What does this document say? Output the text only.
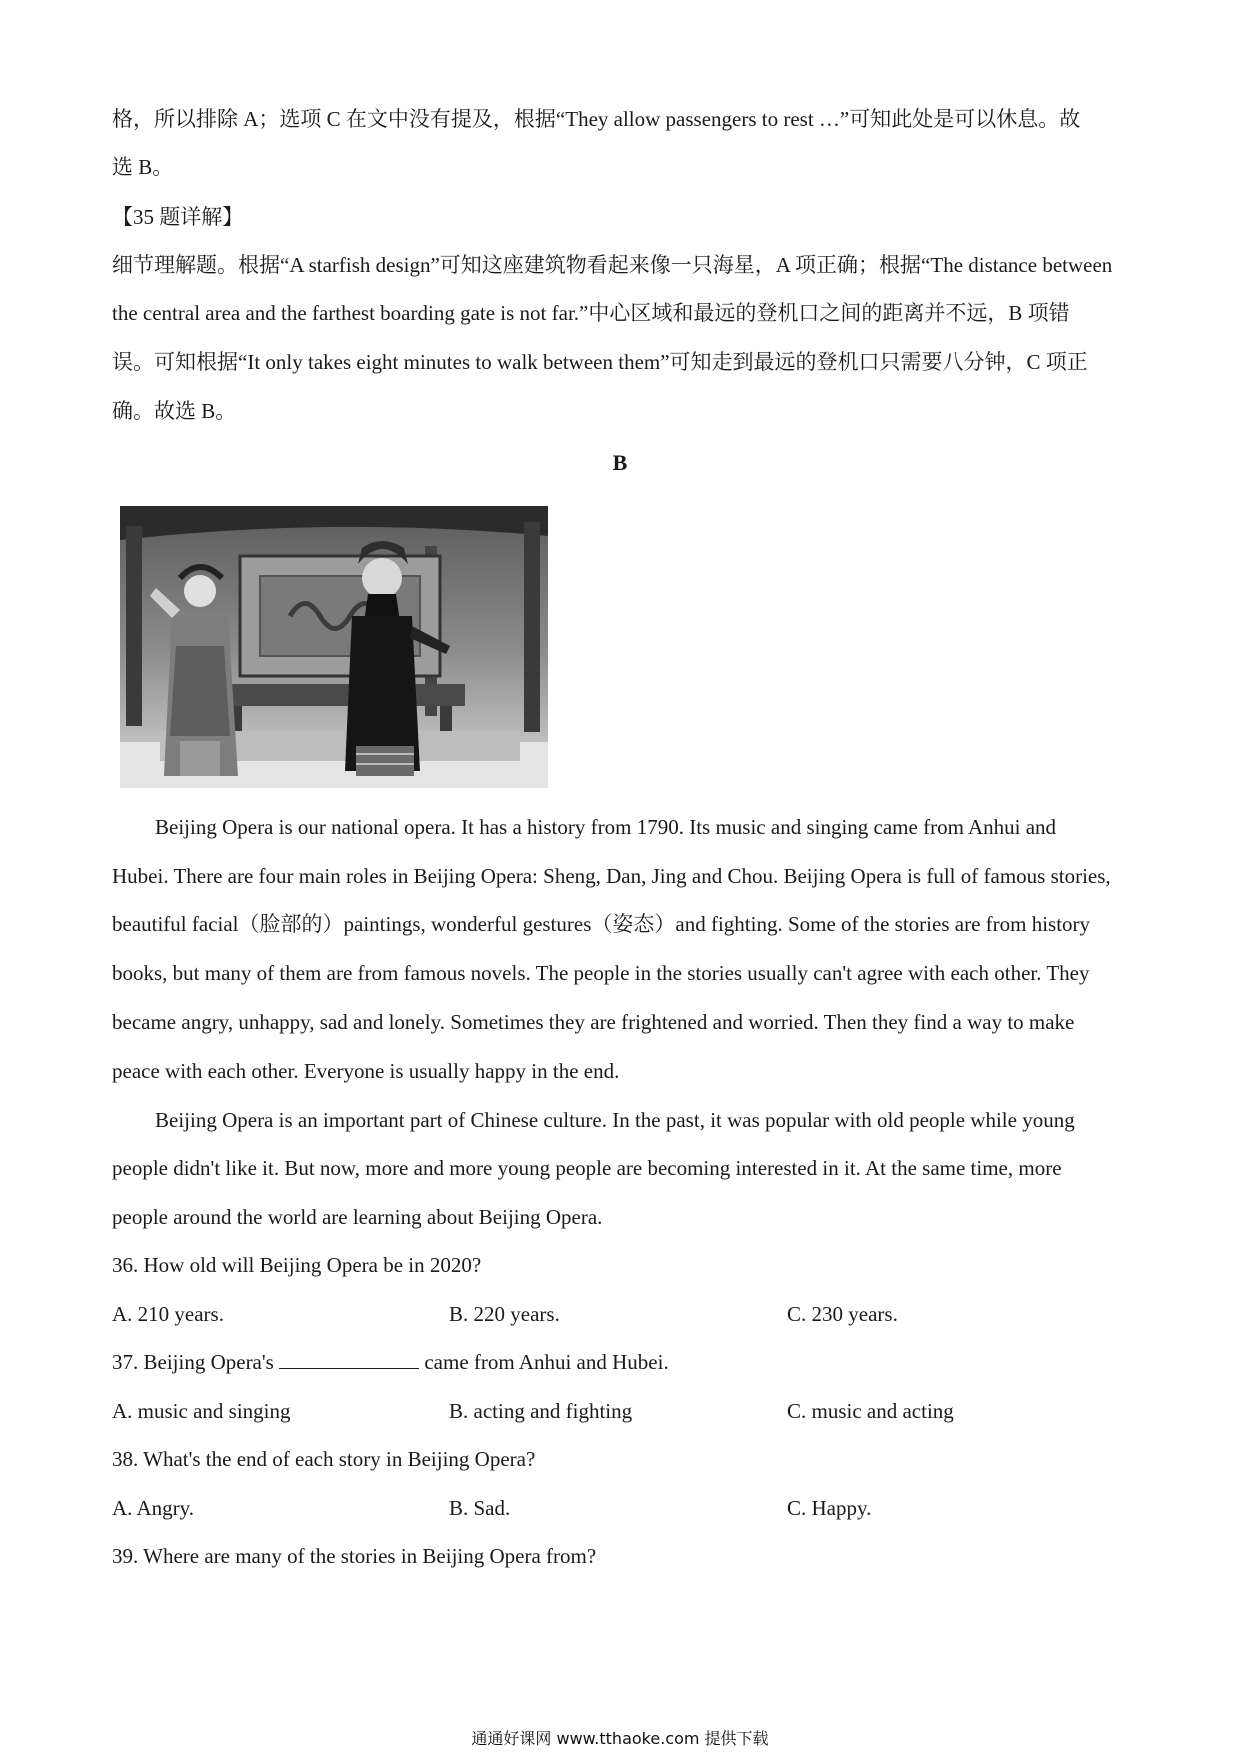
格，所以排除 A；选项 C 在文中没有提及，根据“They allow passengers to rest …”可知此处是可以休息。故
选 B。
【35 题详解】
细节理解题。根据“A starfish design”可知这座建筑物看起来像一只海星，A 项正确；根据“The distance between
the central area and the farthest boarding gate is not far.”中心区域和最远的登机口之间的距离并不远，B 项错
误。可知根据“It only takes eight minutes to walk between them”可知走到最远的登机口只需要八分钟，C 项正
确。故选 B。
B
Beijing Opera is our national opera. It has a history from 1790. Its music and singing came from Anhui and
Hubei. There are four main roles in Beijing Opera: Sheng, Dan, Jing and Chou. Beijing Opera is full of famous stories,
beautiful facial（脸部的）paintings, wonderful gestures（姿态）and fighting. Some of the stories are from history
books, but many of them are from famous novels. The people in the stories usually can't agree with each other. They
became angry, unhappy, sad and lonely. Sometimes they are frightened and worried. Then they find a way to make
peace with each other. Everyone is usually happy in the end.
Beijing Opera is an important part of Chinese culture. In the past, it was popular with old people while young
people didn't like it. But now, more and more young people are becoming interested in it. At the same time, more
people around the world are learning about Beijing Opera.
36. How old will Beijing Opera be in 2020?
A. 210 years.	B. 220 years.	C. 230 years.
37. Beijing Opera's	came from Anhui and Hubei.
A. music and singing	B. acting and fighting	C. music and acting
38. What's the end of each story in Beijing Opera?
A. Angry.	B. Sad.	C. Happy.
39. Where are many of the stories in Beijing Opera from?
通通好课网 www.tthaoke.com 提供下载
